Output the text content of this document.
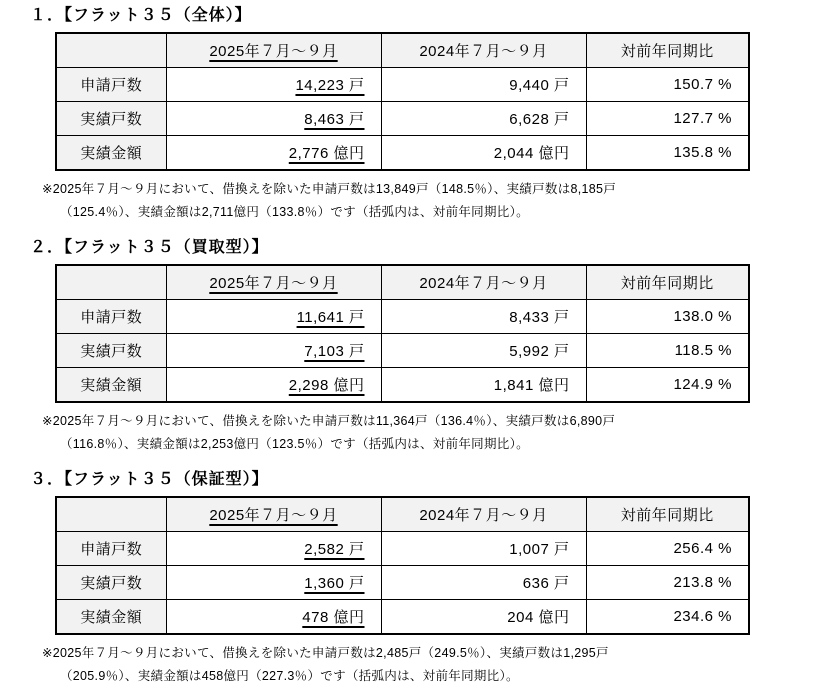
１．【フラット３５（全体）】
	2025年７月～９月	2024年７月～９月	対前年同期比
申請戸数	14,223 戸	9,440 戸	150.7 %
実績戸数	8,463 戸	6,628 戸	127.7 %
実績金額	2,776 億円	2,044 億円	135.8 %

※2025年７月～９月において、借換えを除いた申請戸数は13,849戸（148.5％）、実績戸数は8,185戸
（125.4％）、実績金額は2,711億円（133.8％）です（括弧内は、対前年同期比）。

２．【フラット３５（買取型）】
	2025年７月～９月	2024年７月～９月	対前年同期比
申請戸数	11,641 戸	8,433 戸	138.0 %
実績戸数	7,103 戸	5,992 戸	118.5 %
実績金額	2,298 億円	1,841 億円	124.9 %

※2025年７月～９月において、借換えを除いた申請戸数は11,364戸（136.4％）、実績戸数は6,890戸
（116.8％）、実績金額は2,253億円（123.5％）です（括弧内は、対前年同期比）。

３．【フラット３５（保証型）】
	2025年７月～９月	2024年７月～９月	対前年同期比
申請戸数	2,582 戸	1,007 戸	256.4 %
実績戸数	1,360 戸	636 戸	213.8 %
実績金額	478 億円	204 億円	234.6 %

※2025年７月～９月において、借換えを除いた申請戸数は2,485戸（249.5％）、実績戸数は1,295戸
（205.9％）、実績金額は458億円（227.3％）です（括弧内は、対前年同期比）。
